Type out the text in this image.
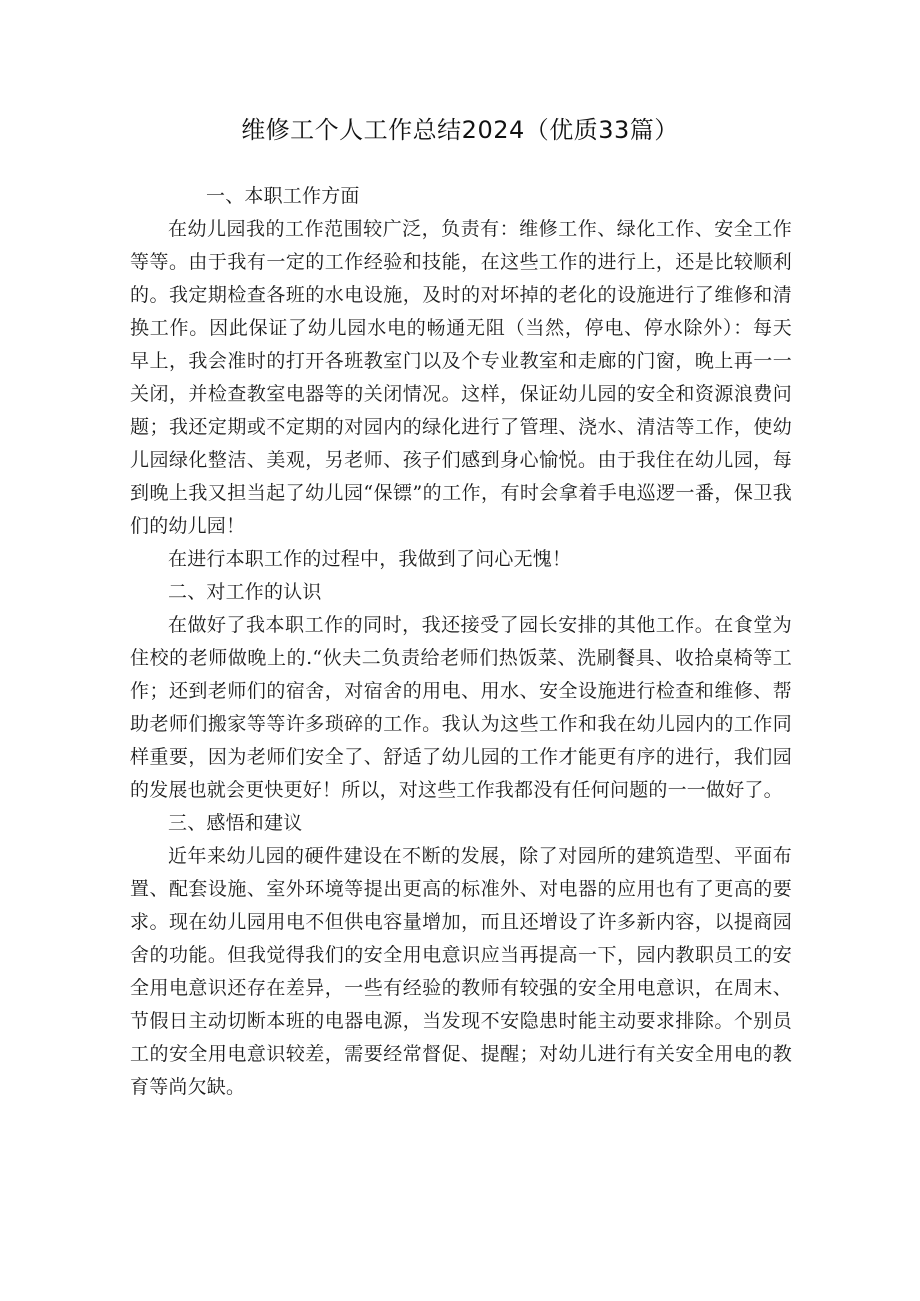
维修工个人工作总结2024（优质33篇）

一、本职工作方面

在幼儿园我的工作范围较广泛，负责有：维修工作、绿化工作、安全工作等等。由于我有一定的工作经验和技能，在这些工作的进行上，还是比较顺利的。我定期检查各班的水电设施，及时的对坏掉的老化的设施进行了维修和清换工作。因此保证了幼儿园水电的畅通无阻（当然，停电、停水除外）：每天早上，我会准时的打开各班教室门以及个专业教室和走廊的门窗，晚上再一一关闭，并检查教室电器等的关闭情况。这样，保证幼儿园的安全和资源浪费问题；我还定期或不定期的对园内的绿化进行了管理、浇水、清洁等工作，使幼儿园绿化整洁、美观，另老师、孩子们感到身心愉悦。由于我住在幼儿园，每到晚上我又担当起了幼儿园“保镖”的工作，有时会拿着手电巡逻一番，保卫我们的幼儿园！

在进行本职工作的过程中，我做到了问心无愧！

二、对工作的认识

在做好了我本职工作的同时，我还接受了园长安排的其他工作。在食堂为住校的老师做晚上的.“伙夫二负责给老师们热饭菜、洗刷餐具、收拾桌椅等工作；还到老师们的宿舍，对宿舍的用电、用水、安全设施进行检查和维修、帮助老师们搬家等等许多琐碎的工作。我认为这些工作和我在幼儿园内的工作同样重要，因为老师们安全了、舒适了幼儿园的工作才能更有序的进行，我们园的发展也就会更快更好！所以，对这些工作我都没有任何问题的一一做好了。

三、感悟和建议

近年来幼儿园的硬件建设在不断的发展，除了对园所的建筑造型、平面布置、配套设施、室外环境等提出更高的标准外、对电器的应用也有了更高的要求。现在幼儿园用电不但供电容量增加，而且还增设了许多新内容，以提商园舍的功能。但我觉得我们的安全用电意识应当再提高一下，园内教职员工的安全用电意识还存在差异，一些有经验的教师有较强的安全用电意识，在周末、节假日主动切断本班的电器电源，当发现不安隐患时能主动要求排除。个别员工的安全用电意识较差，需要经常督促、提醒；对幼儿进行有关安全用电的教育等尚欠缺。
